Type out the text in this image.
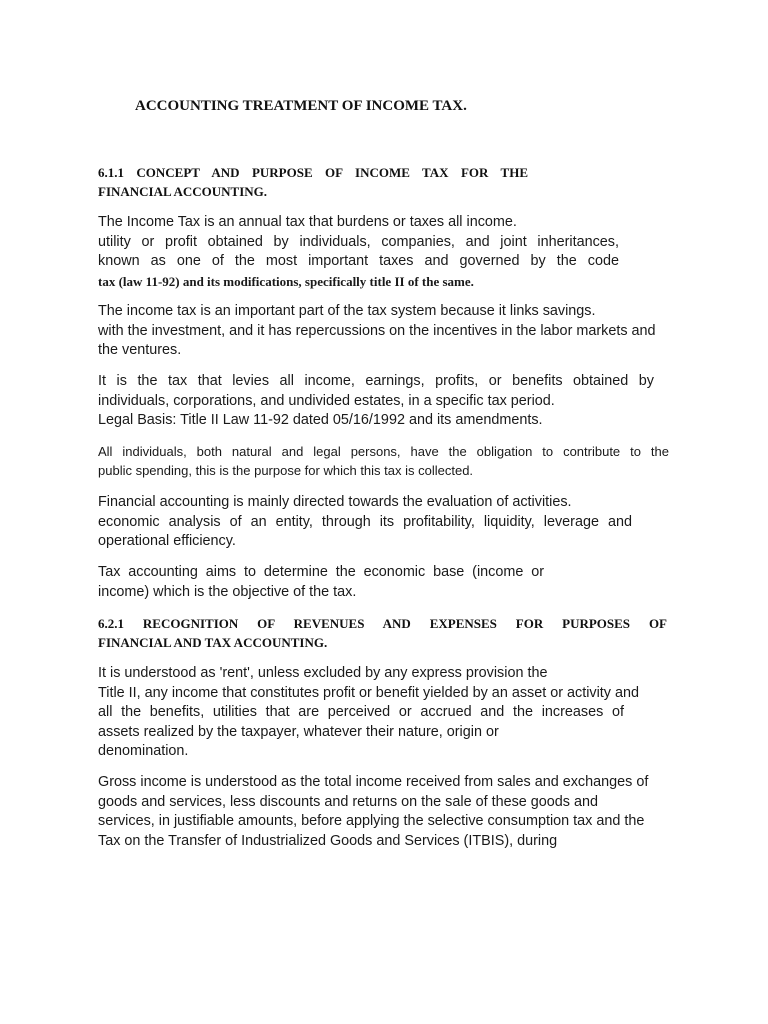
ACCOUNTING TREATMENT OF INCOME TAX.
6.1.1 CONCEPT AND PURPOSE OF INCOME TAX FOR THE
FINANCIAL ACCOUNTING.
The Income Tax is an annual tax that burdens or taxes all income.
utility or profit obtained by individuals, companies, and joint inheritances,
known as one of the most important taxes and governed by the code
tax (law 11-92) and its modifications, specifically title II of the same.
The income tax is an important part of the tax system because it links savings.
with the investment, and it has repercussions on the incentives in the labor markets and
the ventures.
It is the tax that levies all income, earnings, profits, or benefits obtained by
individuals, corporations, and undivided estates, in a specific tax period.
Legal Basis: Title II Law 11-92 dated 05/16/1992 and its amendments.
All individuals, both natural and legal persons, have the obligation to contribute to the
public spending, this is the purpose for which this tax is collected.
Financial accounting is mainly directed towards the evaluation of activities.
economic analysis of an entity, through its profitability, liquidity, leverage and
operational efficiency.
Tax accounting aims to determine the economic base (income or
income) which is the objective of the tax.
6.2.1 RECOGNITION OF REVENUES AND EXPENSES FOR PURPOSES OF
FINANCIAL AND TAX ACCOUNTING.
It is understood as 'rent', unless excluded by any express provision the
Title II, any income that constitutes profit or benefit yielded by an asset or activity and
all the benefits, utilities that are perceived or accrued and the increases of
assets realized by the taxpayer, whatever their nature, origin or
denomination.
Gross income is understood as the total income received from sales and exchanges of
goods and services, less discounts and returns on the sale of these goods and
services, in justifiable amounts, before applying the selective consumption tax and the
Tax on the Transfer of Industrialized Goods and Services (ITBIS), during
